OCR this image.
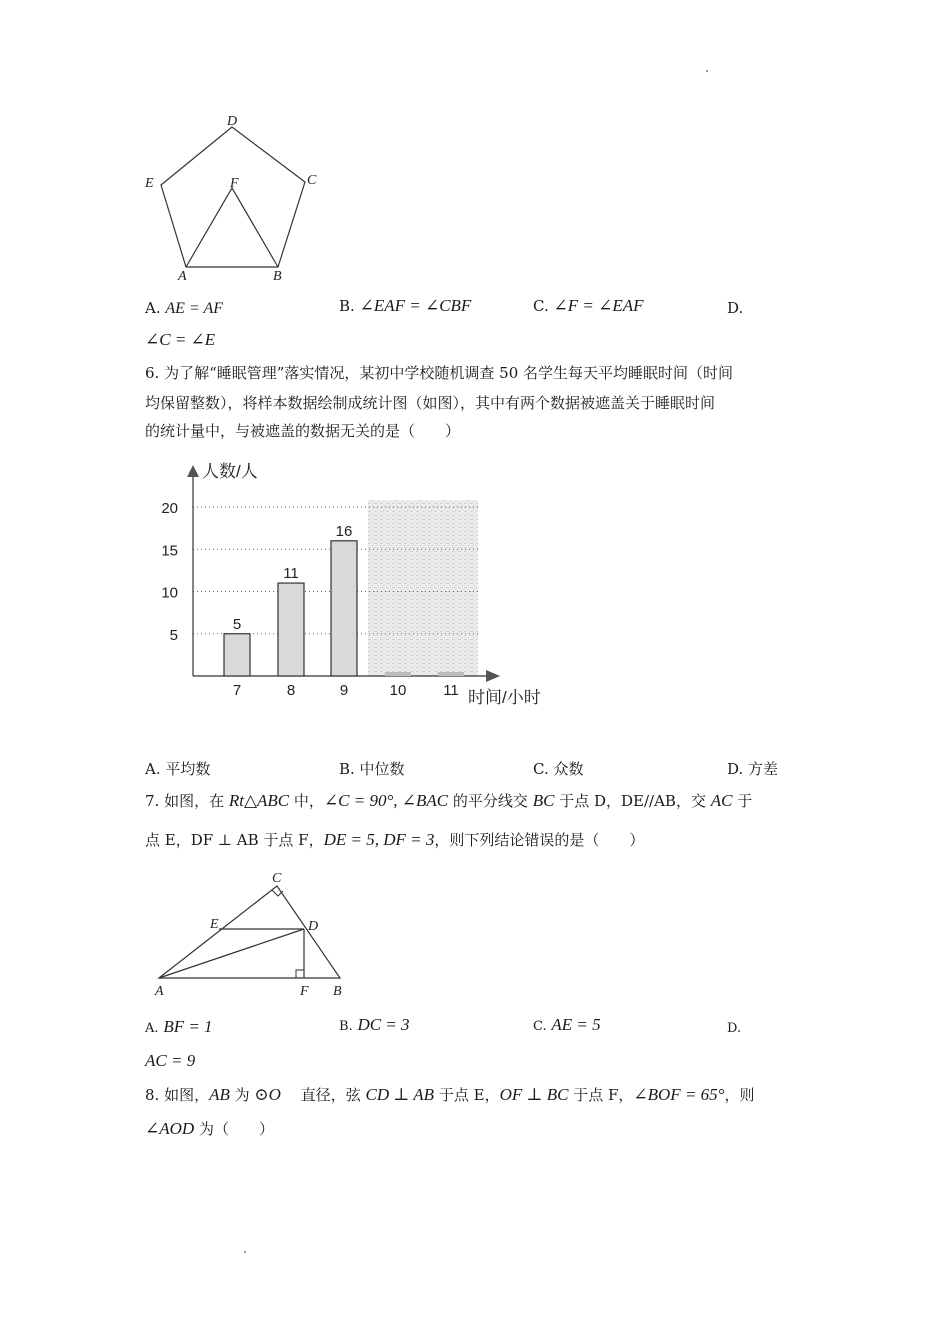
D
E	F	C
A	B
A. AE = AF	B. ∠EAF = ∠CBF	C. ∠F = ∠EAF	D.
∠C = ∠E
6. 为了解“睡眠管理”落实情况，某初中学校随机调查 50 名学生每天平均睡眠时间（时间
均保留整数），将样本数据绘制成统计图（如图），其中有两个数据被遮盖关于睡眠时间
的统计量中，与被遮盖的数据无关的是（　　）
5
11
16
5
10
15
20
7	8	9	10 11
人数/人
时间/小时
A. 平均数	B. 中位数	C. 众数	D. 方差
7. 如图，在 Rt△ABC 中，∠C = 90°, ∠BAC 的平分线交 BC 于点 D，DE//AB，交 AC 于
点 E，DF ⊥ AB 于点 F，DE = 5, DF = 3，则下列结论错误的是（　　）
C
E	D
A	F B
A. BF = 1	B. DC = 3	C. AE = 5	D.
AC = 9
8. 如图，AB 为 ⊙O 　直径，弦 CD ⊥ AB 于点 E，OF ⊥ BC 于点 F，∠BOF = 65°，则
∠AOD 为（　　）
